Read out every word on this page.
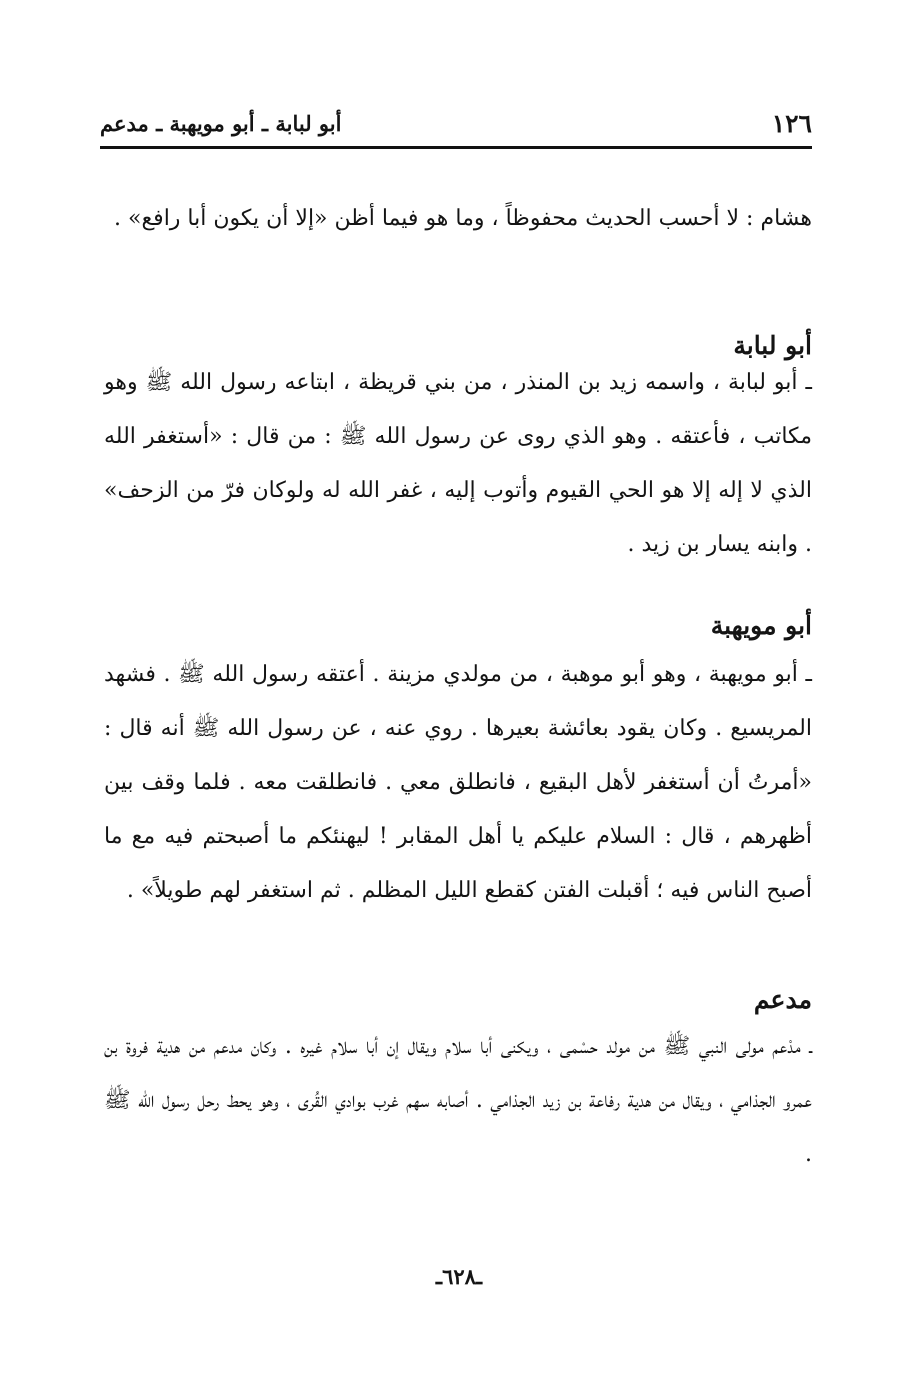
١٢٦
أبو لبابة ـ أبو مويهبة ـ مدعم

هشام : لا أحسب الحديث محفوظاً ، وما هو فيما أظن «إلا أن يكون أبا رافع» .

أبو لبابة

ـ أبو لبابة ، واسمه زيد بن المنذر ، من بني قريظة ، ابتاعه رسول الله ﷺ وهو مكاتب ، فأعتقه . وهو الذي روى عن رسول الله ﷺ : من قال : «أستغفر الله الذي لا إله إلا هو الحي القيوم وأتوب إليه ، غفر الله له ولوكان فرّ من الزحف» . وابنه يسار بن زيد .

أبو مويهبة

ـ أبو مويهبة ، وهو أبو موهبة ، من مولدي مزينة . أعتقه رسول الله ﷺ . فشهد المريسيع . وكان يقود بعائشة بعيرها . روي عنه ، عن رسول الله ﷺ أنه قال : «أمرتُ أن أستغفر لأهل البقيع ، فانطلق معي . فانطلقت معه . فلما وقف بين أظهرهم ، قال : السلام عليكم يا أهل المقابر ! ليهنئكم ما أصبحتم فيه مع ما أصبح الناس فيه ؛ أقبلت الفتن كقطع الليل المظلم . ثم استغفر لهم طويلاً» .

مدعم

ـ مدْعم مولى النبي ﷺ من مولد حسْمى ، ويكنى أبا سلام ويقال إن أبا سلام غيره . وكان مدعم من هدية فروة بن عمرو الجذامي ، ويقال من هدية رفاعة بن زيد الجذامي . أصابه سهم غرب بوادي القُرى ، وهو يحط رحل رسول الله ﷺ .

ـ٦٢٨ـ
